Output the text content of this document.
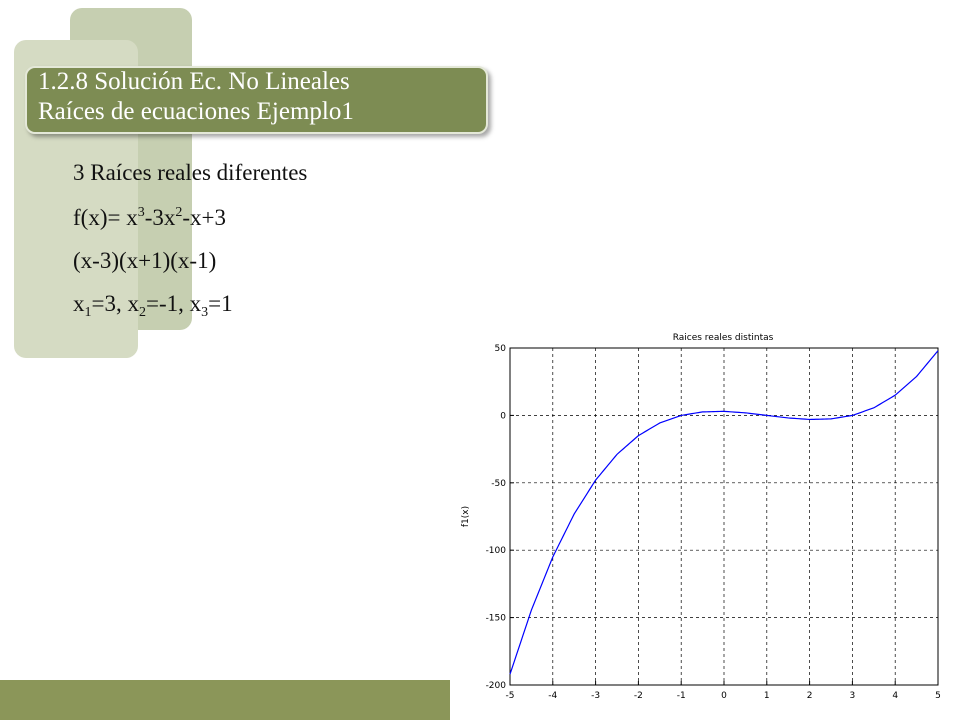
1.2.8 Solución Ec. No Lineales
Raíces de ecuaciones Ejemplo1
3 Raíces reales diferentes
$f(x)= x^3-3x^2-x+3$
(x-3)(x+1)(x-1)
$x_1=3$, $x_2=-1$, $x_3=1$
-5	-4	-3	-2	-1	0	1	2	3	4	5
50
0
-50
-100
-150
-200
Raices reales distintas
f1(x)
